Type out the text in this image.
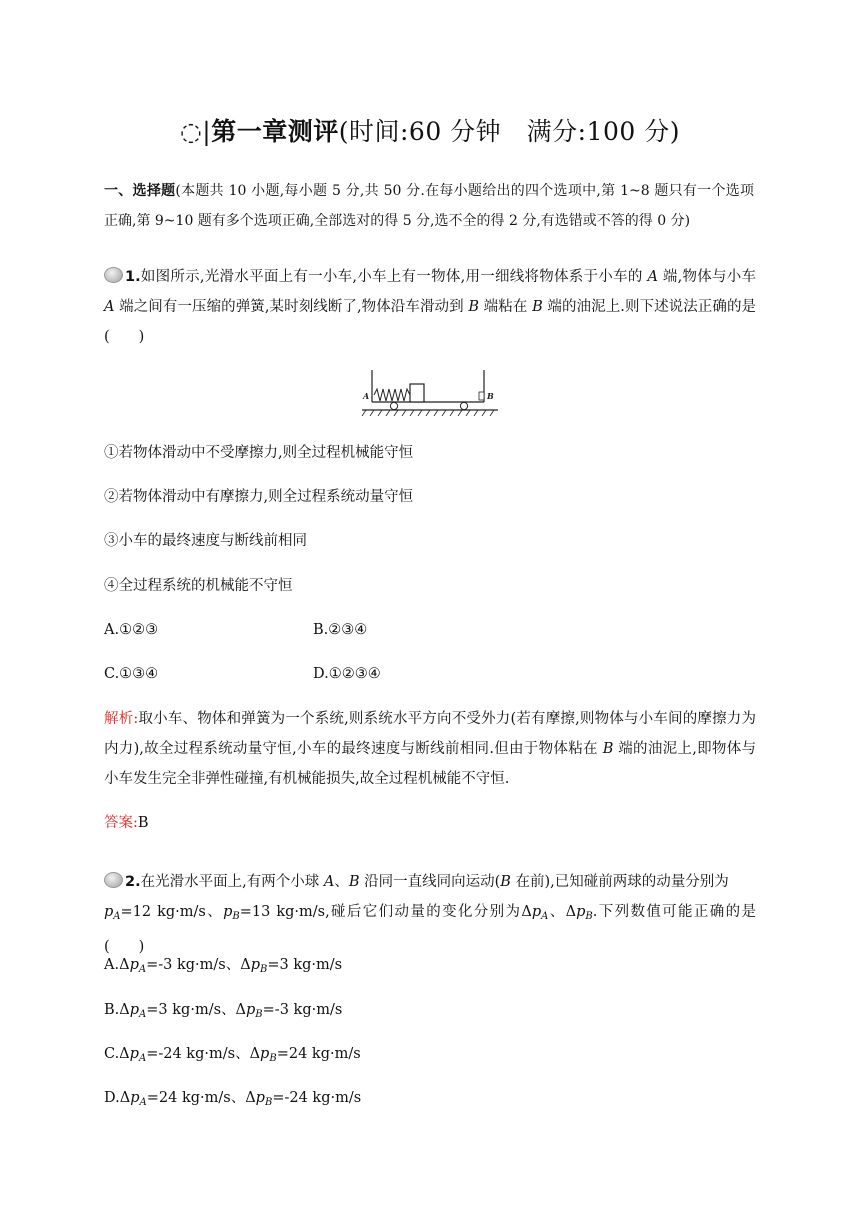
◌|第一章测评(时间:60 分钟　满分:100 分)
一、选择题(本题共 10 小题,每小题 5 分,共 50 分.在每小题给出的四个选项中,第 1~8 题只有一个选项正确,第 9~10 题有多个选项正确,全部选对的得 5 分,选不全的得 2 分,有选错或不答的得 0 分)
1.如图所示,光滑水平面上有一小车,小车上有一物体,用一细线将物体系于小车的 A 端,物体与小车 A 端之间有一压缩的弹簧,某时刻线断了,物体沿车滑动到 B 端粘在 B 端的油泥上.则下述说法正确的是 (　　)
A	B
①若物体滑动中不受摩擦力,则全过程机械能守恒
②若物体滑动中有摩擦力,则全过程系统动量守恒
③小车的最终速度与断线前相同
④全过程系统的机械能不守恒
A.①②③	B.②③④
C.①③④	D.①②③④
解析:取小车、物体和弹簧为一个系统,则系统水平方向不受外力(若有摩擦,则物体与小车间的摩擦力为内力),故全过程系统动量守恒,小车的最终速度与断线前相同.但由于物体粘在 B 端的油泥上,即物体与小车发生完全非弹性碰撞,有机械能损失,故全过程机械能不守恒.
答案:B
2.在光滑水平面上,有两个小球 A、B 沿同一直线同向运动(B 在前),已知碰前两球的动量分别为
$p_A=12$ kg·m/s、$p_B=13$ kg·m/s,碰后它们动量的变化分别为$\Delta p_A$、$\Delta p_B$.下列数值可能正确的是(　　)
$A.\Delta p_A=-3$ kg·m/s、$\Delta p_B=3$ kg·m/s
$B.\Delta p_A=3$ kg·m/s、$\Delta p_B=-3$ kg·m/s
$C.\Delta p_A=-24$ kg·m/s、$\Delta p_B=24$ kg·m/s
$D.\Delta p_A=24$ kg·m/s、$\Delta p_B=-24$ kg·m/s
